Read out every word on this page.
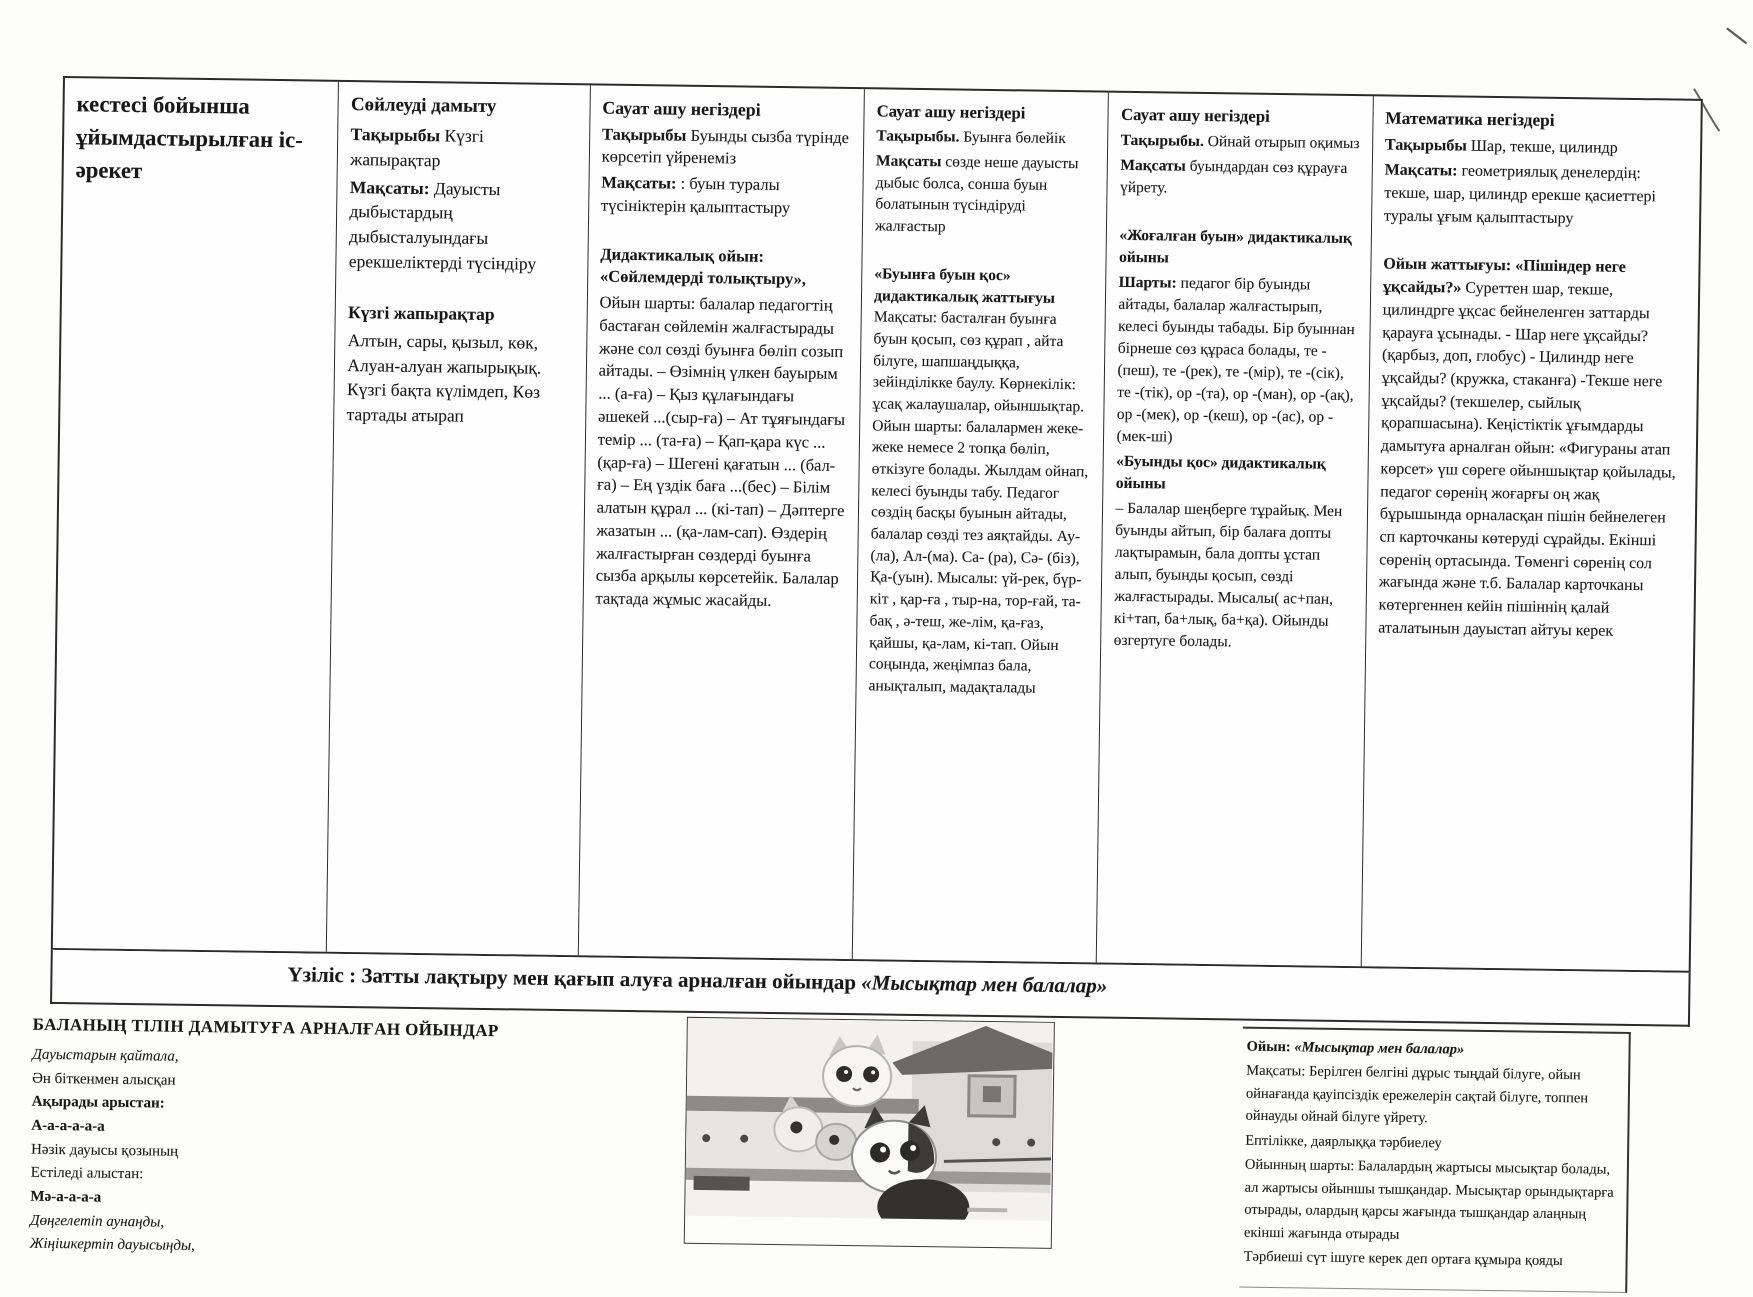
кестесі бойынша ұйымдастырылған іс-әрекет

Сөйлеуді дамыту

Тақырыбы Күзгі жапырақтар

Мақсаты: Дауысты дыбыстардың дыбысталуындағы ерекшеліктерді түсіндіру

Күзгі жапырақтар

Алтын, сары, қызыл, көк, Алуан-алуан жапырықық. Күзгі бақта күлімдеп, Көз тартады атырап

Сауат ашу негіздері

Тақырыбы Буынды сызба түрінде көрсетіп үйренеміз

Мақсаты: : буын туралы түсініктерін қалыптастыру

Дидактикалық ойын: «Сөйлемдерді толықтыру»,

Ойын шарты: балалар педагогтің бастаған сөйлемін жалғастырады және сол сөзді буынға бөліп созып айтады. – Өзімнің үлкен бауырым ... (а-ға) – Қыз құлағындағы әшекей ...(сыр-ға) – Ат тұяғындағы темір ... (та-ға) – Қап-қара күс ... (қар-ға) – Шегені қағатын ... (бал-ға) – Ең үздік баға ...(бес) – Білім алатын құрал ... (кі-тап) – Дәптерге жазатын ... (қа-лам-сап). Өздерің жалғастырған сөздерді буынға сызба арқылы көрсетейік. Балалар тақтада жұмыс жасайды.

Сауат ашу негіздері

Тақырыбы. Буынға бөлейік

Мақсаты сөзде неше дауысты дыбыс болса, сонша буын болатынын түсіндіруді жалғастыр

«Буынға буын қос» дидактикалық жаттығуы Мақсаты: басталған буынға буын қосып, сөз құрап , айта білуге, шапшаңдыққа, зейінділікке баулу. Көрнекілік: ұсақ жалаушалар, ойыншықтар. Ойын шарты: балалармен жеке-жеке немесе 2 топқа бөліп, өткізуге болады. Жылдам ойнап, келесі буынды табу. Педагог сөздің басқы буынын айтады, балалар сөзді тез аяқтайды. Ау- (ла), Ал-(ма). Са- (ра), Сә- (біз), Қа-(уын). Мысалы: үй-рек, бүр-кіт , қар-ға , тыр-на, тор-ғай, та-бақ , ә-теш, же-лім, қа-ғаз, қайшы, қа-лам, кі-тап. Ойын соңында, жеңімпаз бала, анықталып, мадақталады

Сауат ашу негіздері

Тақырыбы. Ойнай отырып оқимыз

Мақсаты буындардан сөз құрауға үйрету.

«Жоғалған буын» дидактикалық ойыны

Шарты: педагог бір буынды айтады, балалар жалғастырып, келесі буынды табады. Бір буыннан бірнеше сөз құраса болады, те -(пеш), те -(рек), те -(мір), те -(сік), те -(тік), ор -(та), ор -(ман), ор -(ақ), ор -(мек), ор -(кеш), ор -(ас), ор -(мек-ші)

«Буынды қос» дидактикалық ойыны

– Балалар шеңберге тұрайық. Мен буынды айтып, бір балаға допты лақтырамын, бала допты ұстап алып, буынды қосып, сөзді жалғастырады. Мысалы( ас+пан, кі+тап, ба+лық, ба+қа). Ойынды өзгертуге болады.

Математика негіздері

Тақырыбы Шар, текше, цилиндр

Мақсаты: геометриялық денелердің: текше, шар, цилиндр ерекше қасиеттері туралы ұғым қалыптастыру

Ойын жаттығуы: «Пішіндер неге ұқсайды?» Суреттен шар, текше, цилиндрге ұқсас бейнеленген заттарды қарауға ұсынады. - Шар неге ұқсайды? (қарбыз, доп, глобус) - Цилиндр неге ұқсайды? (кружка, стаканға) -Текше неге ұқсайды? (текшелер, сыйлық қорапшасына). Кеңістіктік ұғымдарды дамытуға арналған ойын: «Фигураны атап көрсет» үш сөреге ойыншықтар қойылады, педагог сөренің жоғарғы оң жақ бұрышында орналасқан пішін бейнелеген сп карточканы көтеруді сұрайды. Екінші сөренің ортасында. Төменгі сөренің сол жағында және т.б. Балалар карточканы көтергеннен кейін пішіннің қалай аталатынын дауыстап айтуы керек

Үзіліс : Затты лақтыру мен қағып алуға арналған ойындар «Мысықтар мен балалар»

БАЛАНЫҢ ТІЛІН ДАМЫТУҒА АРНАЛҒАН ОЙЫНДАР

Дауыстарын қайтала,

Ән біткенмен алысқан

Ақырады арыстан:

А-а-а-а-а-а

Нәзік дауысы қозының

Естіледі алыстан:

Мә-а-а-а-а

Дөңгелетіп аунаңды,

Жіңішкертіп дауысыңды,

Ойын: «Мысықтар мен балалар»

Мақсаты: Берілген белгіні дұрыс тыңдай білуге, ойын ойнағанда қауіпсіздік ережелерін сақтай білуге, топпен ойнауды ойнай білуге үйрету.

Ептілікке, даярлыққа тәрбиелеу

Ойынның шарты: Балалардың жартысы мысықтар болады, ал жартысы ойыншы тышқандар. Мысықтар орындықтарға отырады, олардың қарсы жағында тышқандар алаңның екінші жағында отырады

Тәрбиеші сүт ішуге керек деп ортаға құмыра қояды
